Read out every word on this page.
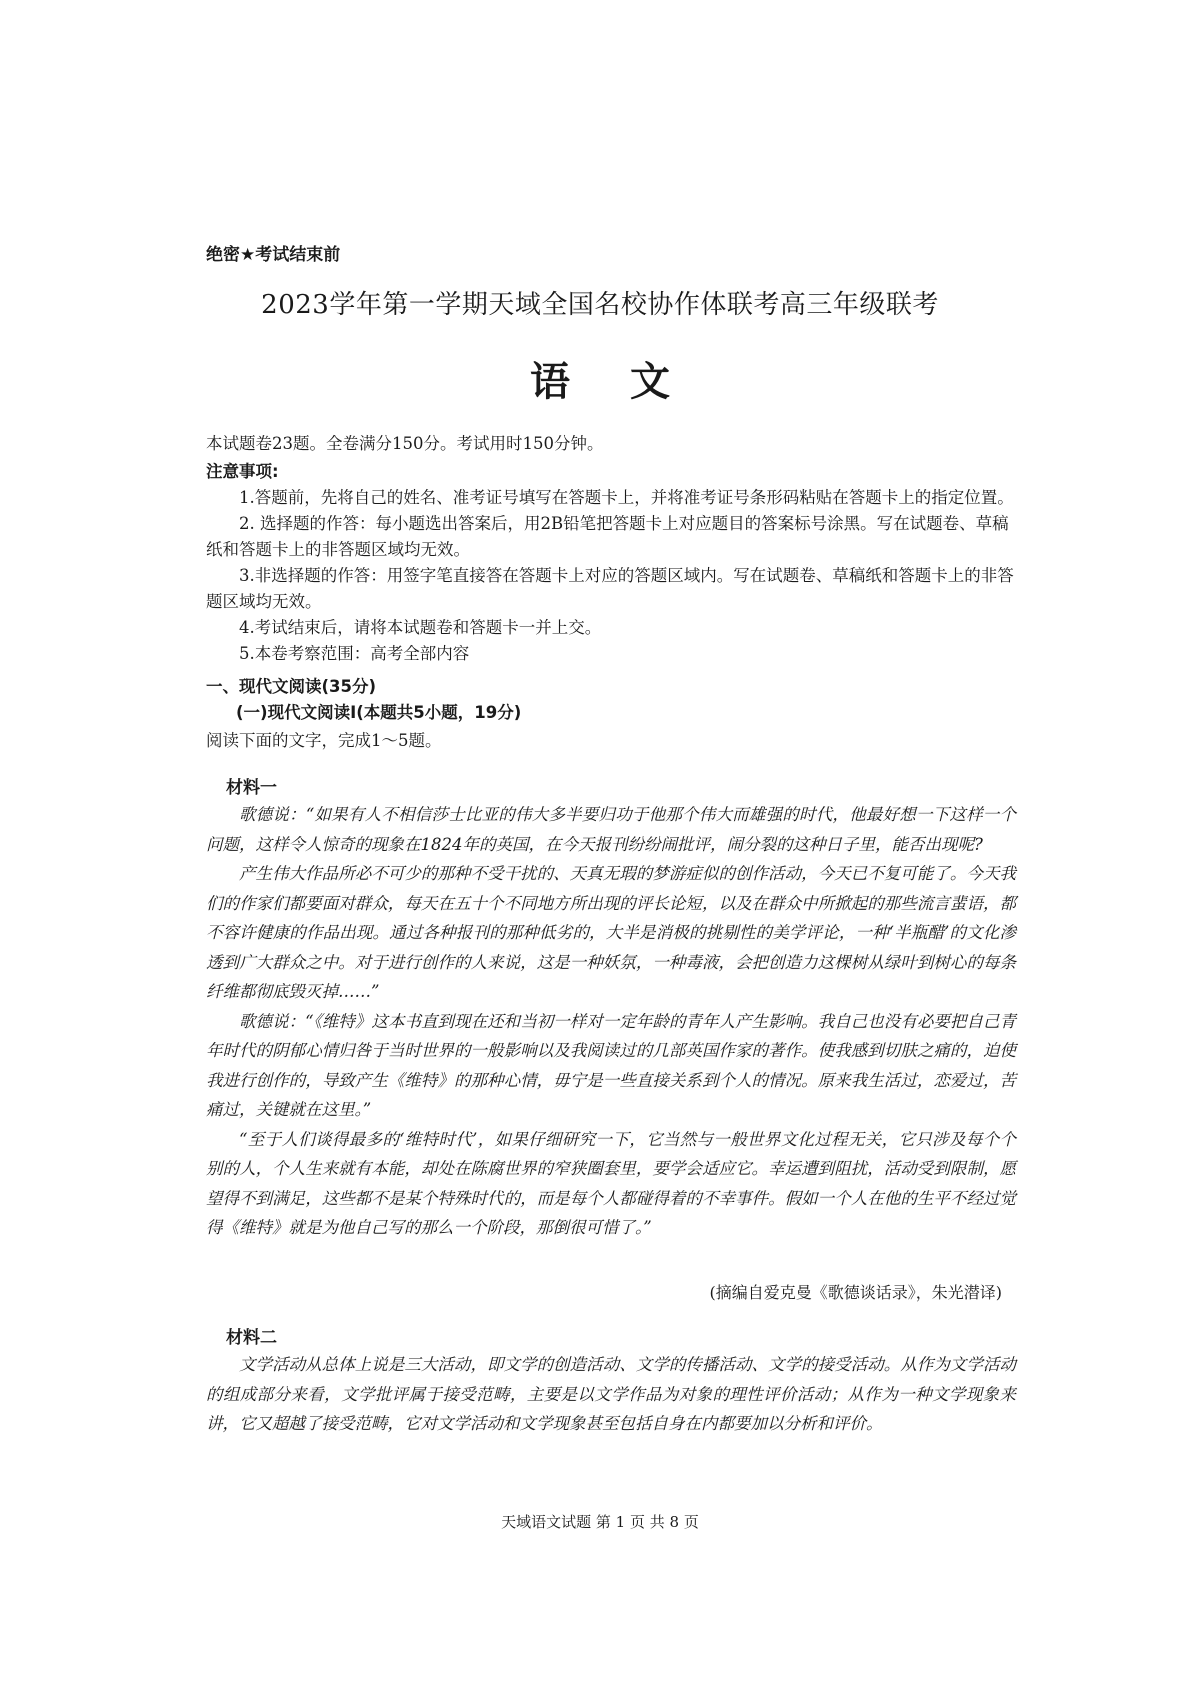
绝密★考试结束前
2023学年第一学期天域全国名校协作体联考高三年级联考
语文
本试题卷23题。全卷满分150分。考试用时150分钟。
注意事项:

1.答题前，先将自己的姓名、准考证号填写在答题卡上，并将准考证号条形码粘贴在答题卡上的指定位置。

2. 选择题的作答：每小题选出答案后，用2B铅笔把答题卡上对应题目的答案标号涂黑。写在试题卷、草稿纸和答题卡上的非答题区域均无效。

3.非选择题的作答：用签字笔直接答在答题卡上对应的答题区域内。写在试题卷、草稿纸和答题卡上的非答题区域均无效。

4.考试结束后，请将本试题卷和答题卡一并上交。

5.本卷考察范围：高考全部内容

一、现代文阅读(35分)
(一)现代文阅读I(本题共5小题，19分)
阅读下面的文字，完成1～5题。
材料一

歌德说：“如果有人不相信莎士比亚的伟大多半要归功于他那个伟大而雄强的时代，他最好想一下这样一个问题，这样令人惊奇的现象在1824年的英国，在今天报刊纷纷闹批评，闹分裂的这种日子里，能否出现呢?

产生伟大作品所必不可少的那种不受干扰的、天真无瑕的梦游症似的创作活动，今天已不复可能了。今天我们的作家们都要面对群众，每天在五十个不同地方所出现的评长论短，以及在群众中所掀起的那些流言蜚语，都不容许健康的作品出现。通过各种报刊的那种低劣的，大半是消极的挑剔性的美学评论，一种‘半瓶醋’的文化渗透到广大群众之中。对于进行创作的人来说，这是一种妖氛，一种毒液，会把创造力这棵树从绿叶到树心的每条纤维都彻底毁灭掉……”

歌德说：“《维特》这本书直到现在还和当初一样对一定年龄的青年人产生影响。我自己也没有必要把自己青年时代的阴郁心情归咎于当时世界的一般影响以及我阅读过的几部英国作家的著作。使我感到切肤之痛的，迫使我进行创作的，导致产生《维特》的那种心情，毋宁是一些直接关系到个人的情况。原来我生活过，恋爱过，苦痛过，关键就在这里。”

“至于人们谈得最多的‘维特时代’，如果仔细研究一下，它当然与一般世界文化过程无关，它只涉及每个个别的人，个人生来就有本能，却处在陈腐世界的窄狭圈套里，要学会适应它。幸运遭到阻扰，活动受到限制，愿望得不到满足，这些都不是某个特殊时代的，而是每个人都碰得着的不幸事件。假如一个人在他的生平不经过觉得《维特》就是为他自己写的那么一个阶段，那倒很可惜了。”

(摘编自爱克曼《歌德谈话录》，朱光潜译)
材料二

文学活动从总体上说是三大活动，即文学的创造活动、文学的传播活动、文学的接受活动。从作为文学活动的组成部分来看，文学批评属于接受范畴，主要是以文学作品为对象的理性评价活动；从作为一种文学现象来讲，它又超越了接受范畴，它对文学活动和文学现象甚至包括自身在内都要加以分析和评价。

天域语文试题 第 1 页 共 8 页
